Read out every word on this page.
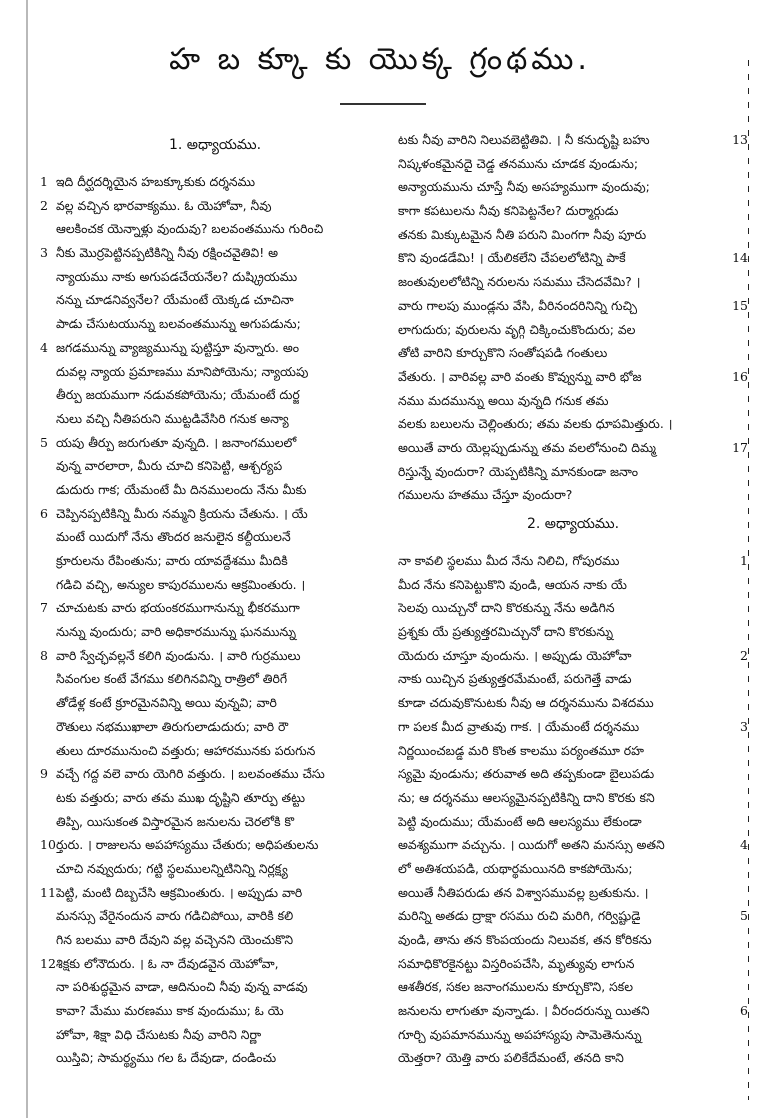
హ బ క్కూ కు యొక్క గ్రంథము.
1. అధ్యాయము.
1 ఇది దీర్ఘదర్శియైన హబక్కూకుకు దర్శనము
2 వల్ల వచ్చిన భారవాక్యము. ఓ యెహోవా, నీవు
ఆలకించక యెన్నాళ్లు వుందువు? బలవంతమును గురించి
3 నీకు మొర్రపెట్టినప్పటికిన్ని నీవు రక్షించవైతివి! అ
న్యాయము నాకు అగుపడచేయనేల? దుష్క్రియము
నన్ను చూడనివ్వనేల? యేమంటే యెక్కడ చూచినా
పాడు చేసుటయున్ను బలవంతమున్ను అగుపడును;
4 జగడమున్ను వ్యాజ్యమున్ను పుట్టిస్తూ వున్నారు. అం
దువల్ల న్యాయ ప్రమాణము మానిపోయెను; న్యాయపు
తీర్పు జయముగా నడువకపోయెను; యేమంటే దుర్జ
నులు వచ్చి నీతిపరుని ముట్టడివేసిరి గనుక అన్యా
5 యపు తీర్పు జరుగుతూ వున్నది. । జనాంగములలో
వున్న వారలారా, మీరు చూచి కనిపెట్టి, ఆశ్చర్యప
డుదురు గాక; యేమంటే మీ దినములందు నేను మీకు
6 చెప్పినప్పటికిన్ని మీరు నమ్మని క్రియను చేతును. । యే
మంటే యిదుగో నేను తొందర జనులైన కల్దీయులనే
క్రూరులను రేపింతును; వారు యావద్దేశము మీదికి
గడిచి వచ్చి, అన్యుల కాపురములను ఆక్రమింతురు. ।
7 చూచుటకు వారు భయంకరముగానున్ను భీకరముగా
నున్ను వుందురు; వారి అధికారమున్ను ఘనమున్ను
8 వారి స్వేచ్ఛవల్లనే కలిగి వుండును. । వారి గుర్రములు
సివంగుల కంటే వేగము కలిగినవిన్ని రాత్రిలో తిరిగే
తోడేళ్ల కంటే క్రూరమైనవిన్ని అయి వున్నవి; వారి
రౌతులు నభముఖాలా తిరుగులాడుదురు; వారి రౌ
తులు దూరమునుంచి వత్తురు; ఆహారమునకు పరుగున
9 వచ్చే గద్ద వలె వారు యెగిరి వత్తురు. । బలవంతము చేసు
టకు వత్తురు; వారు తమ ముఖ దృష్టిని తూర్పు తట్టు
తిప్పి, యిసుకంత విస్తారమైన జనులను చెరలోకి కొ
10 ర్తురు. । రాజులను అపహాస్యము చేతురు; అధిపతులను
చూచి నవ్వుదురు; గట్టి స్థలములన్నిటినిన్ని నిర్లక్ష్య
11 పెట్టి, మంటి దిబ్బచేసి ఆక్రమింతురు. । అప్పుడు వారి
మనస్సు వేరైనందున వారు గడిచిపోయి, వారికి కలి
గిన బలము వారి దేవుని వల్ల వచ్చెనని యెంచుకొని
12 శిక్షకు లోనౌదురు. । ఓ నా దేవుడవైన యెహోవా,
నా పరిశుద్ధమైన వాడా, ఆదినుంచి నీవు వున్న వాడవు
కావా? మేము మరణము కాక వుందుము; ఓ యె
హోవా, శిక్షా విధి చేసుటకు నీవు వారిని నిర్ణా
యిస్తివి; సామర్థ్యము గల ఓ దేవుడా, దండించు
టకు నీవు వారిని నిలువబెట్టితివి. । నీ కనుదృష్టి బహు	13
నిష్కళంకమైనదై చెడ్డ తనమును చూడక వుండును;
అన్యాయమును చూస్తే నీవు అసహ్యముగా వుందువు;
కాగా కపటులను నీవు కనిపెట్టనేల? దుర్మార్గుడు
తనకు మిక్కుటమైన నీతి పరుని మింగగా నీవు పూరు
కొని వుండడేమి! । యేలికలేని చేపలలోటిన్ని పాకే	14
జంతువులలోటిన్ని నరులను సమము చేసెదవేమి? ।
వారు గాలపు ముండ్లను వేసి, వీరినందరినిన్ని గుచ్చి	15
లాగుదురు; వురులను వృగ్గి చిక్కించుకొందురు; వల
తోటి వారిని కూర్చుకొని సంతోషపడి గంతులు
వేతురు. । వారివల్ల వారి వంతు కొవ్వున్ను వారి భోజ	16
నము మదమున్ను అయి వున్నది గనుక తమ
వలకు బలులను చెల్లింతురు; తమ వలకు ధూపమిత్తురు. ।
అయితే వారు యెల్లప్పుడున్ను తమ వలలోనుంచి దిమ్మ	17
రిస్తున్నే వుందురా? యెప్పటికిన్ని మానకుండా జనాం
గములను హతము చేస్తూ వుందురా?
2. అధ్యాయము.
నా కావలి స్థలము మీద నేను నిలిచి, గోపురము	1
మీద నేను కనిపెట్టుకొని వుండి, ఆయన నాకు యే
సెలవు యిచ్చునో దాని కొరకున్ను నేను అడిగిన
ప్రశ్నకు యే ప్రత్యుత్తరమిచ్చునో దాని కొరకున్ను
యెదురు చూస్తూ వుందును. । అప్పుడు యెహోవా	2
నాకు యిచ్చిన ప్రత్యుత్తరమేమంటే, పరుగెత్తే వాడు
కూడా చదువుకొనుటకు నీవు ఆ దర్శనమును విశదము
గా పలక మీద వ్రాతువు గాక. । యేమంటే దర్శనము	3
నిర్ణయించబడ్డ మరి కొంత కాలము పర్యంతమూ రహ
స్యమై వుండును; తరువాత అది తప్పకుండా బైలుపడు
ను; ఆ దర్శనము ఆలస్యమైనప్పటికిన్ని దాని కొరకు కని
పెట్టి వుందుము; యేమంటే అది ఆలస్యము లేకుండా
అవశ్యముగా వచ్చును. । యిదుగో అతని మనస్సు అతని	4
లో అతిశయపడి, యథార్థమయినది కాకపోయెను;
అయితే నీతిపరుడు తన విశ్వాసమువల్ల బ్రతుకును. ।
మరిన్ని అతడు ద్రాక్షా రసము రుచి మరిగి, గర్విష్టుడై	5
వుండి, తాను తన కొంపయందు నిలువక, తన కోరికను
సమాధికొరకైనట్టు విస్తరింపచేసి, మృత్యువు లాగున
ఆశతీరక, సకల జనాంగములను కూర్చుకొని, సకల
జనులను లాగుతూ వున్నాడు. । వీరందరున్ను యితని	6
గూర్చి వుపమానమున్ను అపహాస్యపు సామెతెనున్ను
యెత్తరా? యెత్తి వారు పలికేదేమంటే, తనది కాని
